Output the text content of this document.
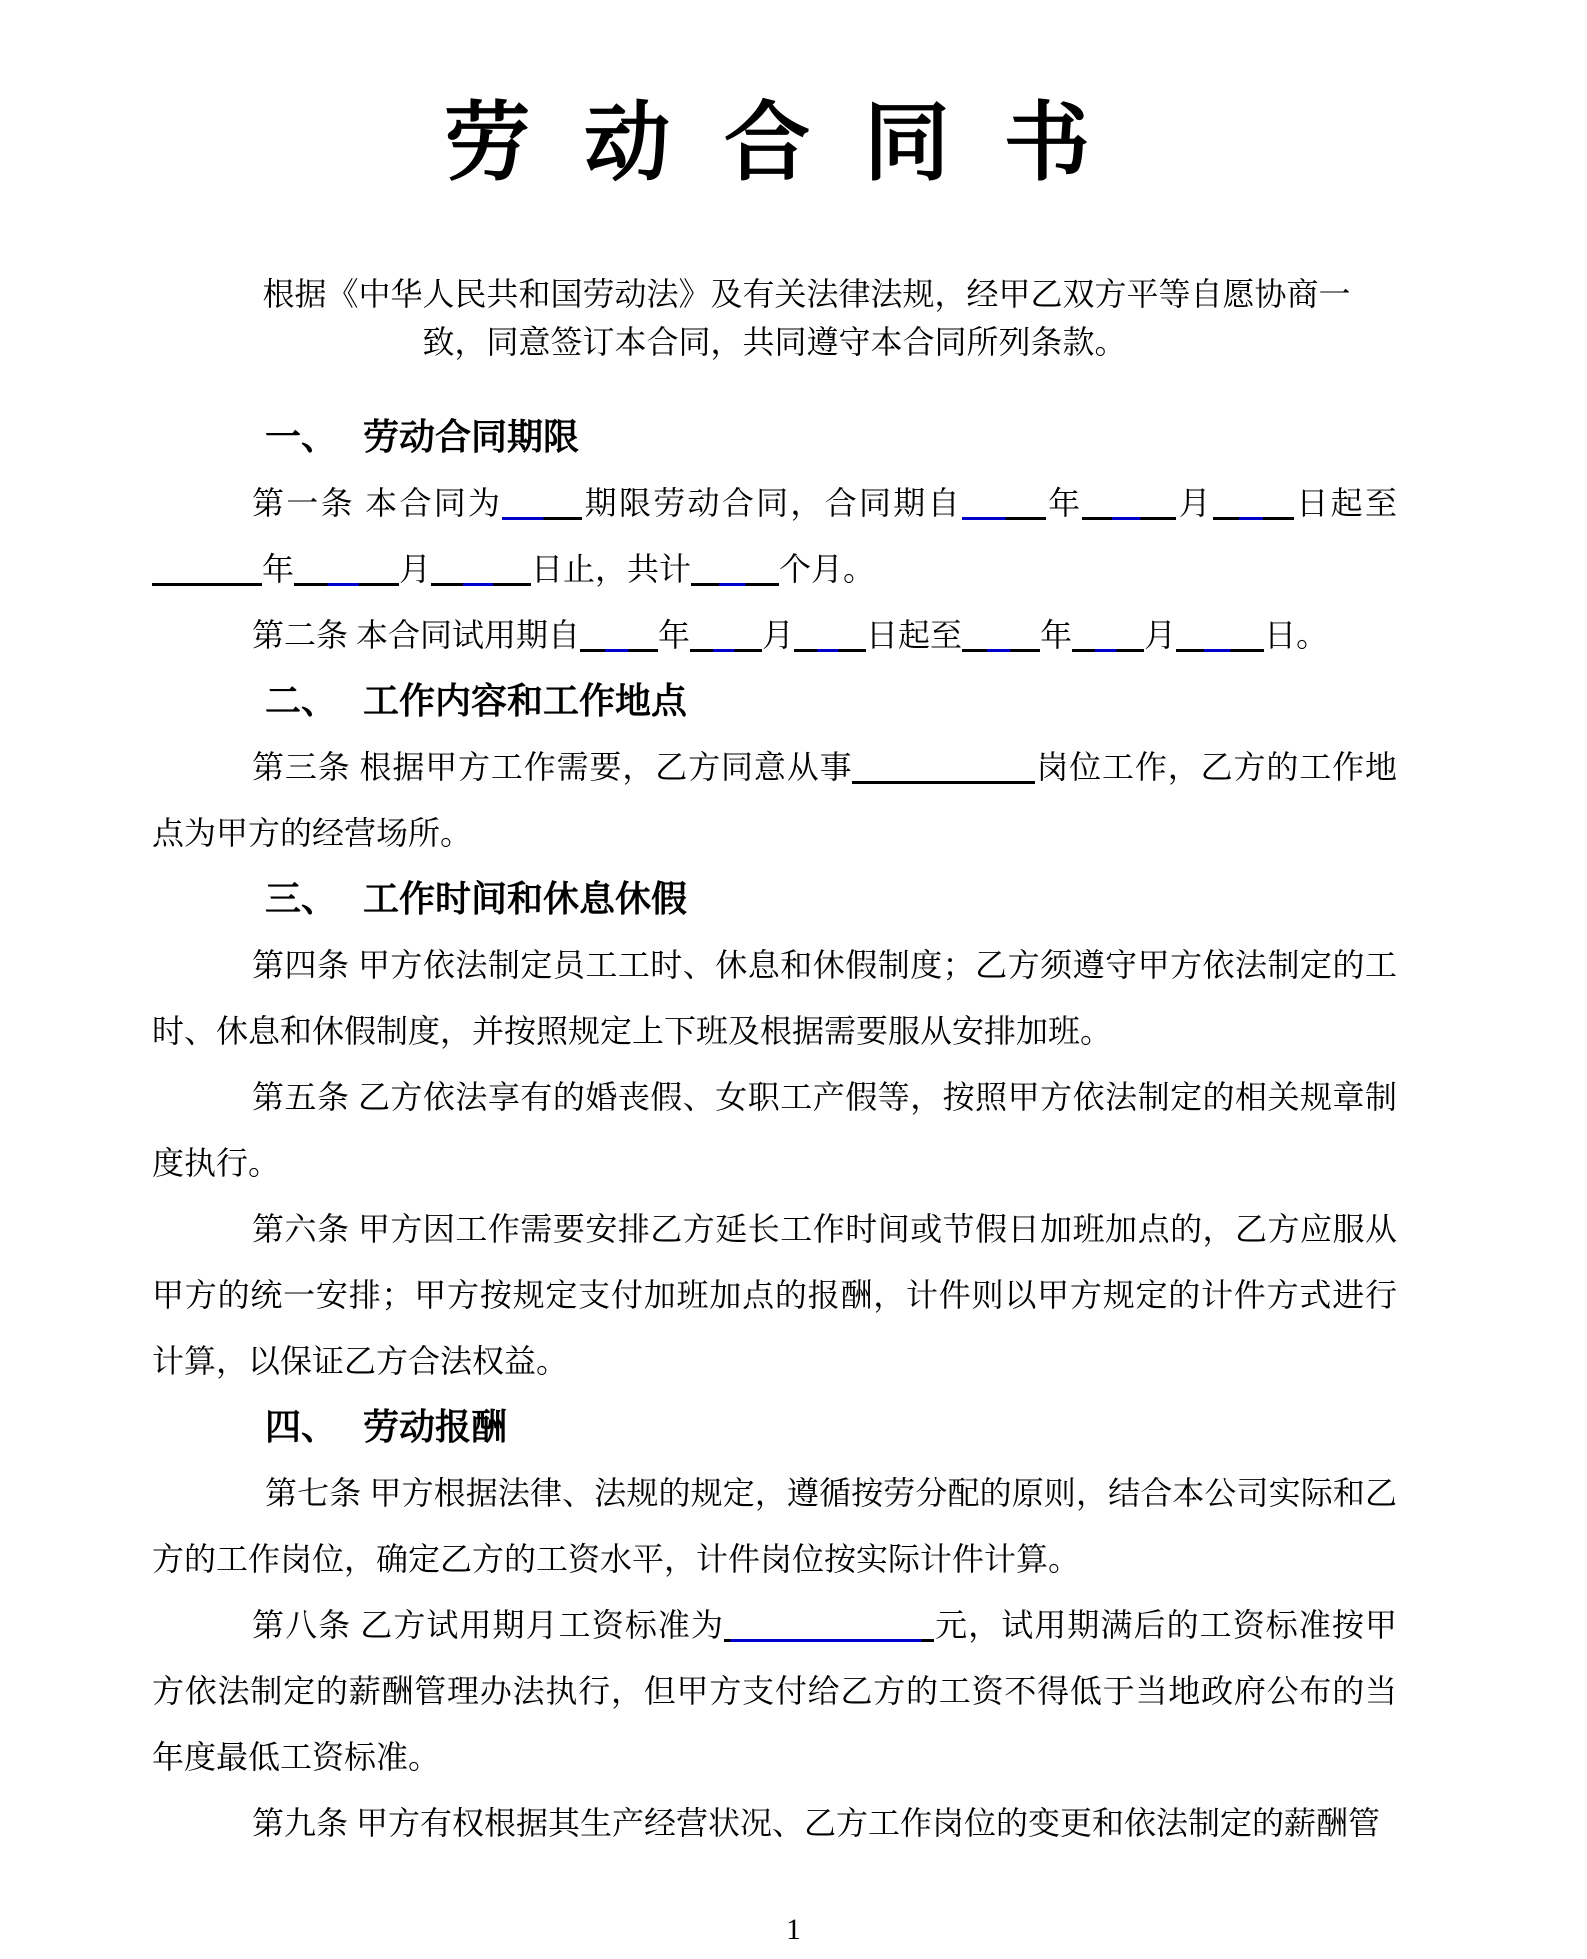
劳 动 合 同 书

根据《中华人民共和国劳动法》及有关法律法规，经甲乙双方平等自愿协商一致，同意签订本合同，共同遵守本合同所列条款。

一、 劳动合同期限

第一条 本合同为	期限劳动合同，合同期自	年	月	日起至年	月	日止，共计	个月。

第二条 本合同试用期自 年 月 日起至 年 月	日。

二、 工作内容和工作地点

第三条 根据甲方工作需要，乙方同意从事	岗位工作，乙方的工作地点为甲方的经营场所。

三、 工作时间和休息休假

第四条 甲方依法制定员工工时、休息和休假制度；乙方须遵守甲方依法制定的工时、休息和休假制度，并按照规定上下班及根据需要服从安排加班。

第五条 乙方依法享有的婚丧假、女职工产假等，按照甲方依法制定的相关规章制度执行。

第六条 甲方因工作需要安排乙方延长工作时间或节假日加班加点的，乙方应服从甲方的统一安排；甲方按规定支付加班加点的报酬，计件则以甲方规定的计件方式进行计算，以保证乙方合法权益。

四、 劳动报酬

第七条 甲方根据法律、法规的规定，遵循按劳分配的原则，结合本公司实际和乙方的工作岗位，确定乙方的工资水平，计件岗位按实际计件计算。

第八条 乙方试用期月工资标准为	元，试用期满后的工资标准按甲方依法制定的薪酬管理办法执行，但甲方支付给乙方的工资不得低于当地政府公布的当年度最低工资标准。

第九条 甲方有权根据其生产经营状况、乙方工作岗位的变更和依法制定的薪酬管

1
